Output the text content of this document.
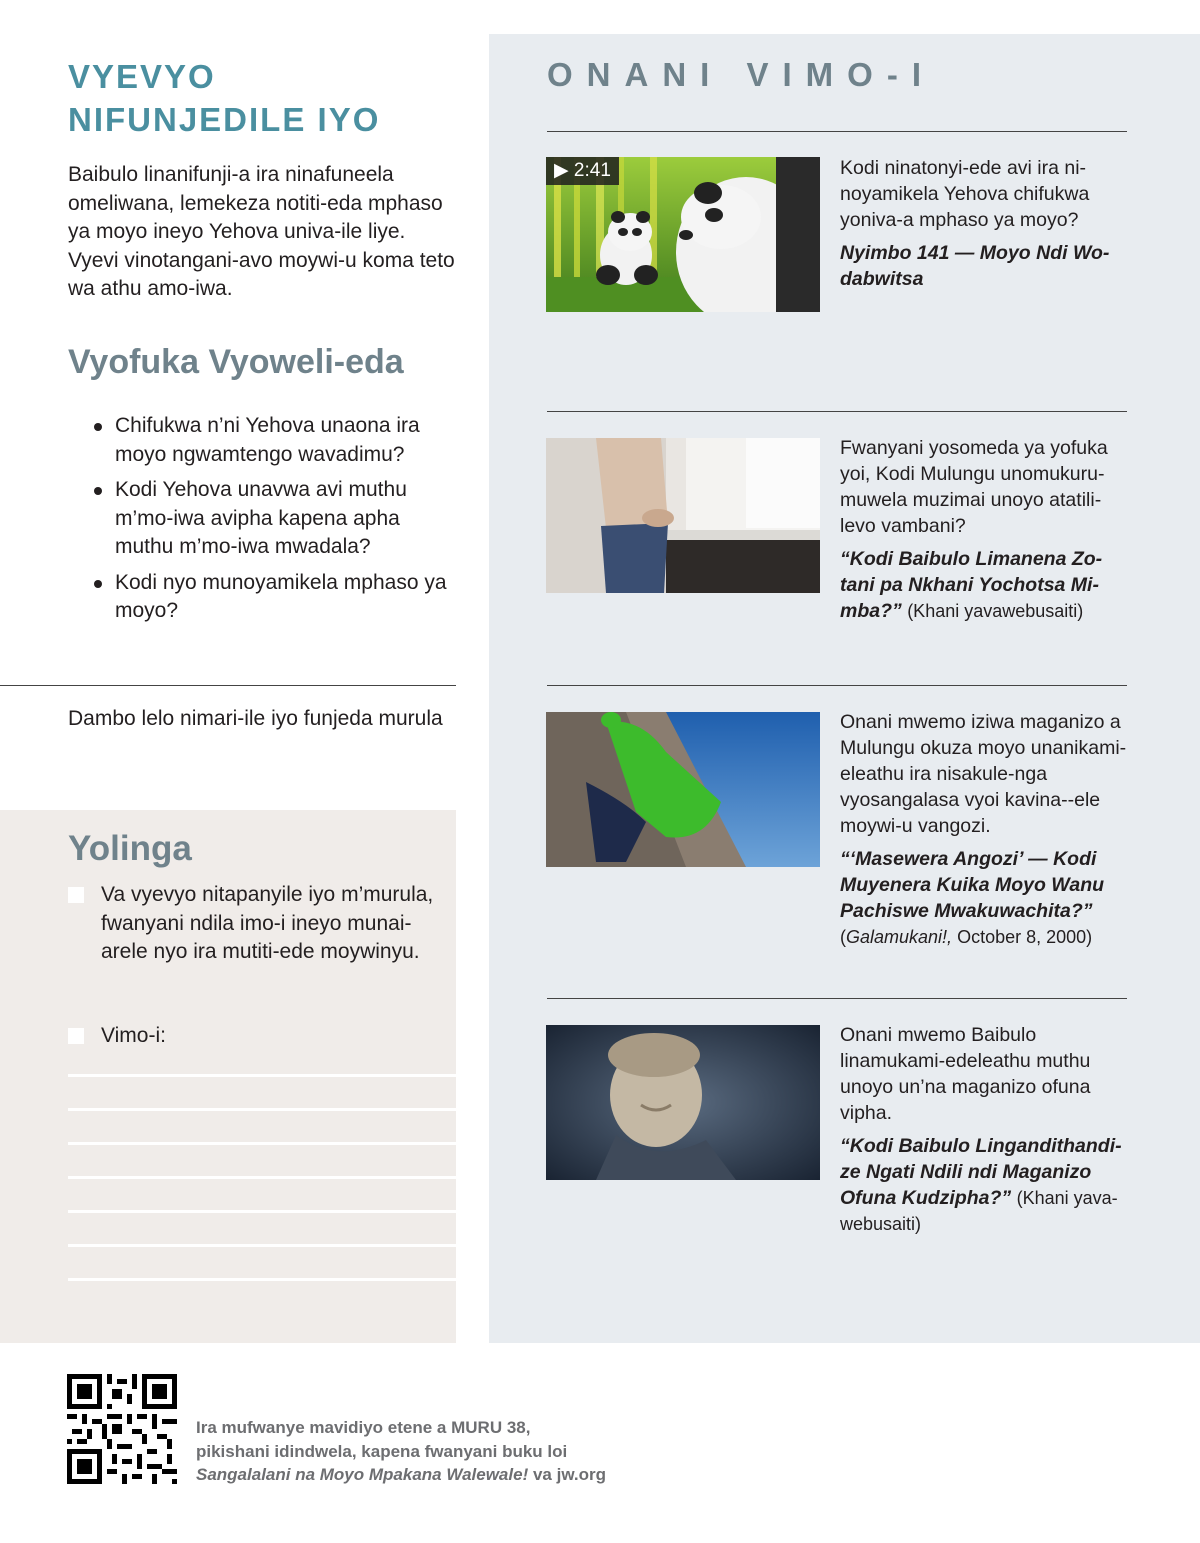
VYEVYO
NIFUNJEDILE IYO

Baibulo linanifunji-a ira ninafuneela omeliwana, lemekeza notiti-eda mphaso ya moyo ineyo Yehova univa-ile liye. Vyevi vinotangani-avo moywi-u koma teto wa athu amo-iwa.

Vyofuka Vyoweli-eda
Chifukwa n’ni Yehova unaona ira moyo ngwamtengo wavadimu?
Kodi Yehova unavwa avi muthu m’mo-iwa avipha kapena apha muthu m’mo-iwa mwadala?
Kodi nyo munoyamikela mphaso ya moyo?

Dambo lelo nimari-ile iyo funjeda murula

Yolinga
Va vyevyo nitapanyile iyo m’murula, fwanyani ndila imo-i ineyo munai-arele nyo ira mutiti-ede moywinyu.
Vimo-i:
ONANI VIMO-I
▶ 2:41	Kodi ninatonyi-ede avi ira ni-noyamikela Yehova chifukwa yoniva-a mphaso ya moyo?
Nyimbo 141 — Moyo Ndi Wo-dabwitsa
Fwanyani yosomeda ya yofuka yoi, Kodi Mulungu unomukuru-muwela muzimai unoyo atatili-levo vambani?
“Kodi Baibulo Limanena Zo-tani pa Nkhani Yochotsa Mi-mba?” (Khani yavawebusaiti)
Onani mwemo iziwa maganizo a Mulungu okuza moyo unanikami-eleathu ira nisakule-nga vyosangalasa vyoi kavina--ele moywi-u vangozi.
“‘Masewera Angozi’ — Kodi Muyenera Kuika Moyo Wanu Pachiswe Mwakuwachita?” (Galamukani!, October 8, 2000)
Onani mwemo Baibulo linamukami-edeleathu muthu unoyo un’na maganizo ofuna vipha.
“Kodi Baibulo Lingandithandi-ze Ngati Ndili ndi Maganizo Ofuna Kudzipha?” (Khani yava-webusaiti)
Ira mufwanye mavidiyo etene a MURU 38,
pikishani idindwela, kapena fwanyani buku loi
Sangalalani na Moyo Mpakana Walewale! va jw.org
